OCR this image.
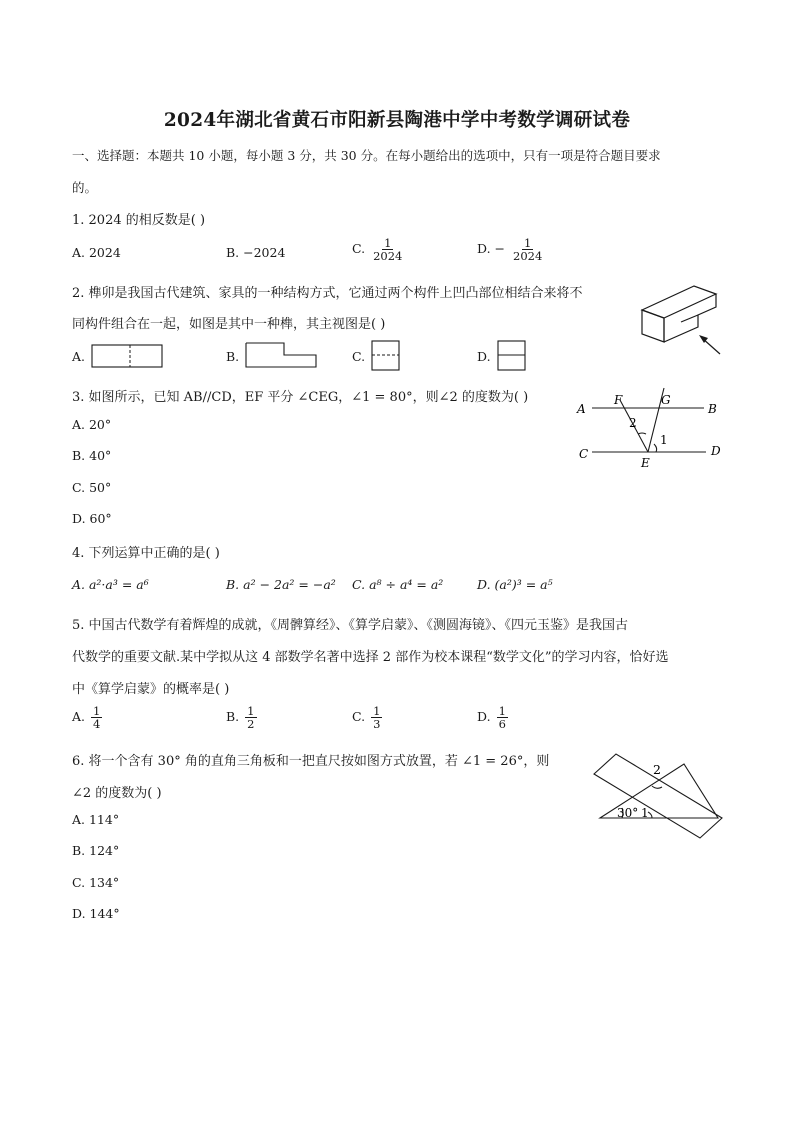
2024年湖北省黄石市阳新县陶港中学中考数学调研试卷
一、选择题：本题共 10 小题，每小题 3 分，共 30 分。在每小题给出的选项中，只有一项是符合题目要求
的。
1. 2024 的相反数是( )
A. 2024	B. −2024	C. $\frac{1}{2024}$	D. − $\frac{1}{2024}$
2. 榫卯是我国古代建筑、家具的一种结构方式，它通过两个构件上凹凸部位相结合来将不
同构件组合在一起，如图是其中一种榫，其主视图是( )
A.	B.	C.	D.
3. 如图所示，已知 AB//CD，EF 平分 ∠CEG，∠1 = 80°，则∠2 的度数为( )
A. 20°
B. 40°
C. 50°
D. 60°
A	B
C	D
E
F	G
1
2
4. 下列运算中正确的是( )
A. a²·a³ = a⁶	B. a² − 2a² = −a² C. a⁸ ÷ a⁴ = a²	D. (a²)³ = a⁵
5. 中国古代数学有着辉煌的成就，《周髀算经》、《算学启蒙》、《测圆海镜》、《四元玉鉴》是我国古
代数学的重要文献.某中学拟从这 4 部数学名著中选择 2 部作为校本课程“数学文化”的学习内容，恰好选
中《算学启蒙》的概率是( )
A. $\frac{1}{4}$	B. $\frac{1}{2}$	C. $\frac{1}{3}$	D. $\frac{1}{6}$
6. 将一个含有 30° 角的直角三角板和一把直尺按如图方式放置，若 ∠1 = 26°，则
∠2 的度数为( )
A. 114°
B. 124°
C. 134°
D. 144°
2
30° 1
